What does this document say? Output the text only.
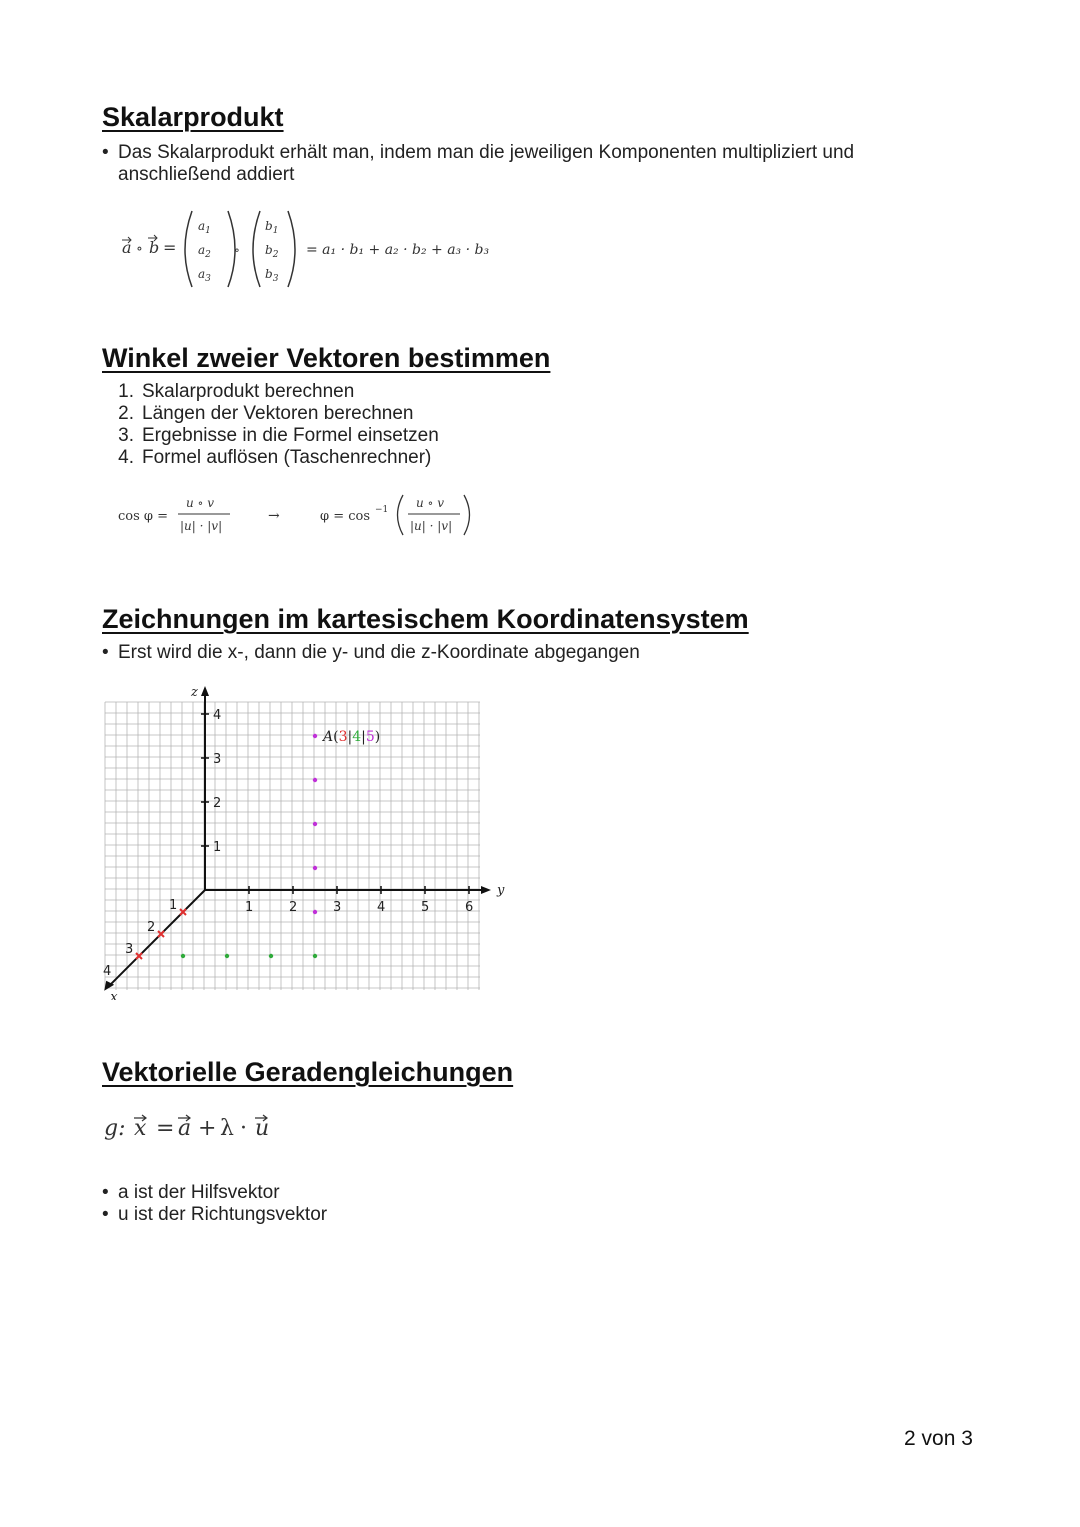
Skalarprodukt
• Das Skalarprodukt erhält man, indem man die jeweiligen Komponenten multipliziert und anschließend addiert
a ∘ b =
$a_1$
$a_2$
$a_3$
∘
$b_1$
$b_2$
$b_3$
= a₁ · b₁ + a₂ · b₂ + a₃ · b₃
Winkel zweier Vektoren bestimmen
1. Skalarprodukt berechnen
2. Längen der Vektoren berechnen
3. Ergebnisse in die Formel einsetzen
4. Formel auflösen (Taschenrechner)
cos φ =
u ∘ v
|u| · |v|
→	φ = cos −1 u ∘ v
|u| · |v|
Zeichnungen im kartesischem Koordinatensystem
• Erst wird die x-, dann die y- und die z-Koordinate abgegangen
z
y
x
1	2	3	4	5	6
1
2
3
4
1
2
3
4
A(3|4|5)
Vektorielle Geradengleichungen
g: x = a + λ · u
• a ist der Hilfsvektor
• u ist der Richtungsvektor
2 von 3
